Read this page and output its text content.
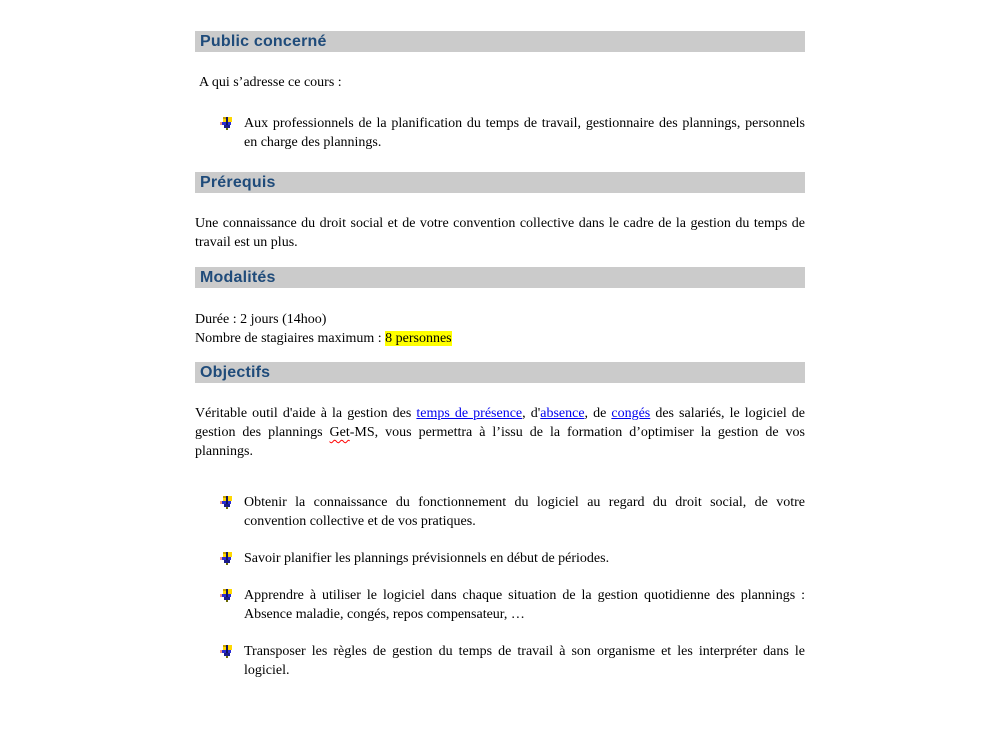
Public concerné

A qui s’adresse ce cours :

Aux professionnels de la planification du temps de travail, gestionnaire des plannings, personnels en charge des plannings.
Prérequis

Une connaissance du droit social et de votre convention collective dans le cadre de la gestion du temps de travail est un plus.

Modalités

Durée : 2 jours (14hoo)
Nombre de stagiaires maximum : 8 personnes

Objectifs

Véritable outil d'aide à la gestion des temps de présence, d'absence, de congés des salariés, le logiciel de gestion des plannings Get-MS, vous permettra à l’issu de la formation d’optimiser la gestion de vos plannings.

Obtenir la connaissance du fonctionnement du logiciel au regard du droit social, de votre convention collective et de vos pratiques.
Savoir planifier les plannings prévisionnels en début de périodes.
Apprendre à utiliser le logiciel dans chaque situation de la gestion quotidienne des plannings : Absence maladie, congés, repos compensateur, …
Transposer les règles de gestion du temps de travail à son organisme et les interpréter dans le logiciel.
